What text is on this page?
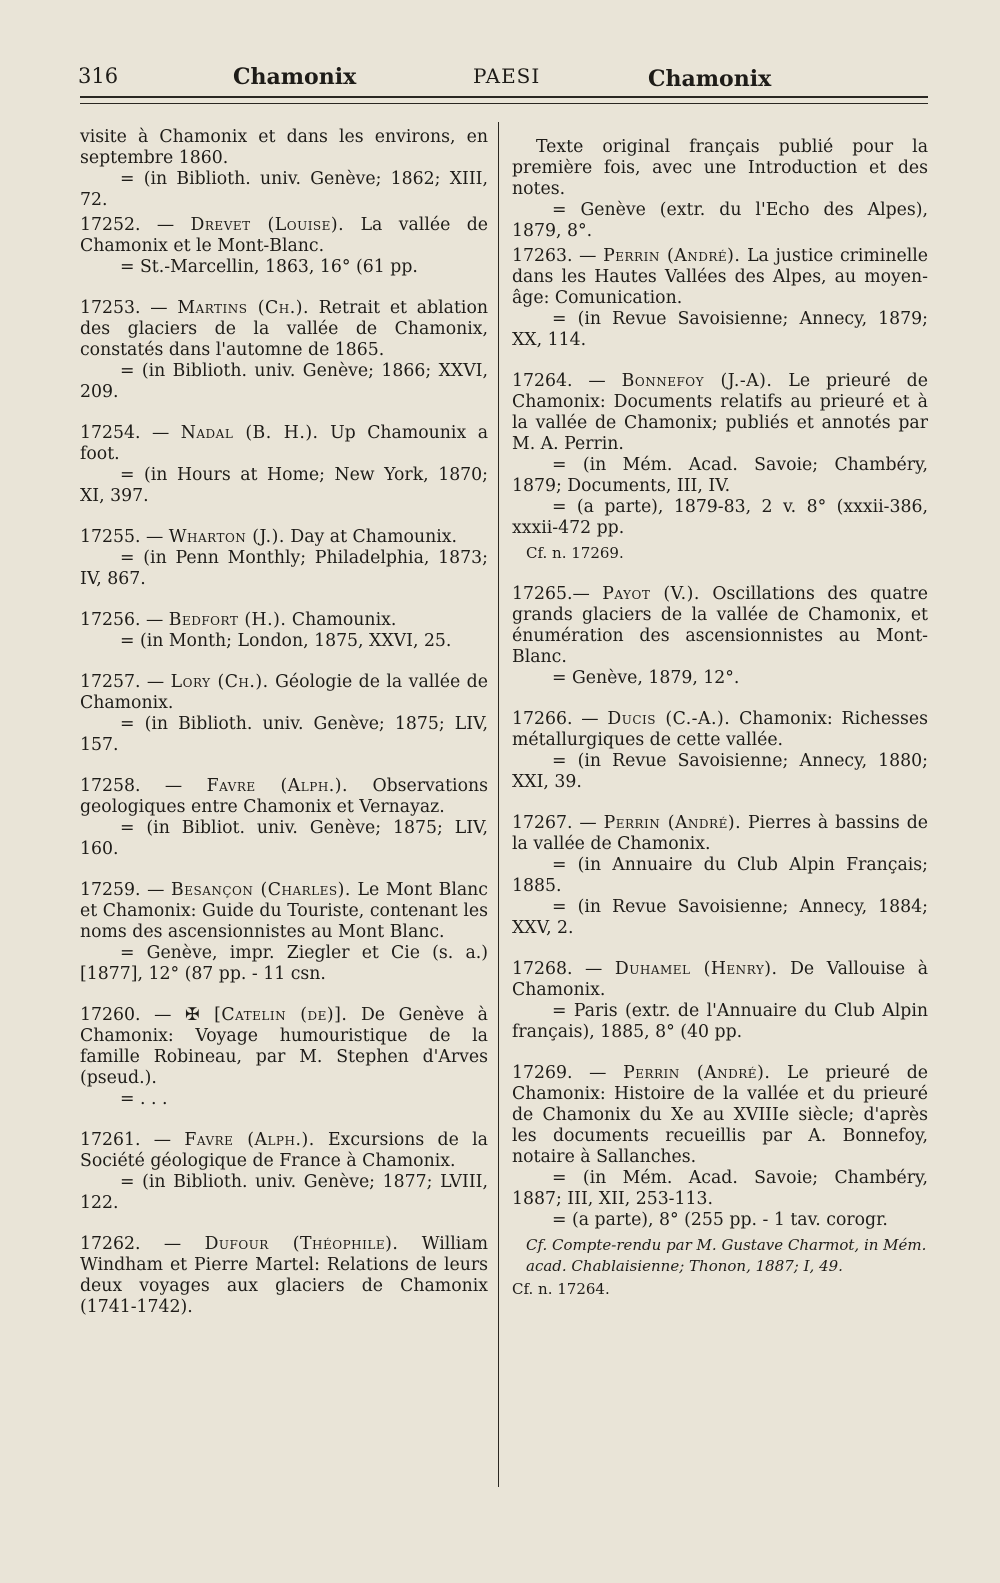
316	Chamonix	PAESI	Chamonix

visite à Chamonix et dans les environs, en septembre 1860.

= (in Biblioth. univ. Genève; 1862; XIII, 72.

17252. — Drevet (Louise). La vallée de Chamonix et le Mont-Blanc.

= St.-Marcellin, 1863, 16° (61 pp.

17253. — Martins (Ch.). Retrait et ablation des glaciers de la vallée de Chamonix, constatés dans l'automne de 1865.

= (in Biblioth. univ. Genève; 1866; XXVI, 209.

17254. — Nadal (B. H.). Up Chamounix a foot.

= (in Hours at Home; New York, 1870; XI, 397.

17255. — Wharton (J.). Day at Chamounix.

= (in Penn Monthly; Philadelphia, 1873; IV, 867.

17256. — Bedfort (H.). Chamounix.

= (in Month; London, 1875, XXVI, 25.

17257. — Lory (Ch.). Géologie de la vallée de Chamonix.

= (in Biblioth. univ. Genève; 1875; LIV, 157.

17258. — Favre (Alph.). Observations geologiques entre Chamonix et Vernayaz.

= (in Bibliot. univ. Genève; 1875; LIV, 160.

17259. — Besançon (Charles). Le Mont Blanc et Chamonix: Guide du Touriste, contenant les noms des ascensionnistes au Mont Blanc.

= Genève, impr. Ziegler et Cie (s. a.) [1877], 12° (87 pp. - 11 csn.

17260. — ✠ [Catelin (de)]. De Genève à Chamonix: Voyage humouristique de la famille Robineau, par M. Stephen d'Arves (pseud.).

= . . .

17261. — Favre (Alph.). Excursions de la Société géologique de France à Chamonix.

= (in Biblioth. univ. Genève; 1877; LVIII, 122.

17262. — Dufour (Théophile). William Windham et Pierre Martel: Relations de leurs deux voyages aux glaciers de Chamonix (1741-1742).

Texte original français publié pour la première fois, avec une Introduction et des notes.

= Genève (extr. du l'Echo des Alpes), 1879, 8°.

17263. — Perrin (André). La justice criminelle dans les Hautes Vallées des Alpes, au moyen-âge: Comunication.

= (in Revue Savoisienne; Annecy, 1879; XX, 114.

17264. — Bonnefoy (J.-A). Le prieuré de Chamonix: Documents relatifs au prieuré et à la vallée de Chamonix; publiés et annotés par M. A. Perrin.

= (in Mém. Acad. Savoie; Chambéry, 1879; Documents, III, IV.

= (a parte), 1879-83, 2 v. 8° (xxxii-386, xxxii-472 pp.

Cf. n. 17269.

17265.— Payot (V.). Oscillations des quatre grands glaciers de la vallée de Chamonix, et énumération des ascensionnistes au Mont-Blanc.

= Genève, 1879, 12°.

17266. — Ducis (C.-A.). Chamonix: Richesses métallurgiques de cette vallée.

= (in Revue Savoisienne; Annecy, 1880; XXI, 39.

17267. — Perrin (André). Pierres à bassins de la vallée de Chamonix.

= (in Annuaire du Club Alpin Français; 1885.

= (in Revue Savoisienne; Annecy, 1884; XXV, 2.

17268. — Duhamel (Henry). De Vallouise à Chamonix.

= Paris (extr. de l'Annuaire du Club Alpin français), 1885, 8° (40 pp.

17269. — Perrin (André). Le prieuré de Chamonix: Histoire de la vallée et du prieuré de Chamonix du Xe au XVIIIe siècle; d'après les documents recueillis par A. Bonnefoy, notaire à Sallanches.

= (in Mém. Acad. Savoie; Chambéry, 1887; III, XII, 253-113.

= (a parte), 8° (255 pp. - 1 tav. corogr.

Cf. Compte-rendu par M. Gustave Charmot, in Mém. acad. Chablaisienne; Thonon, 1887; I, 49.

Cf. n. 17264.
